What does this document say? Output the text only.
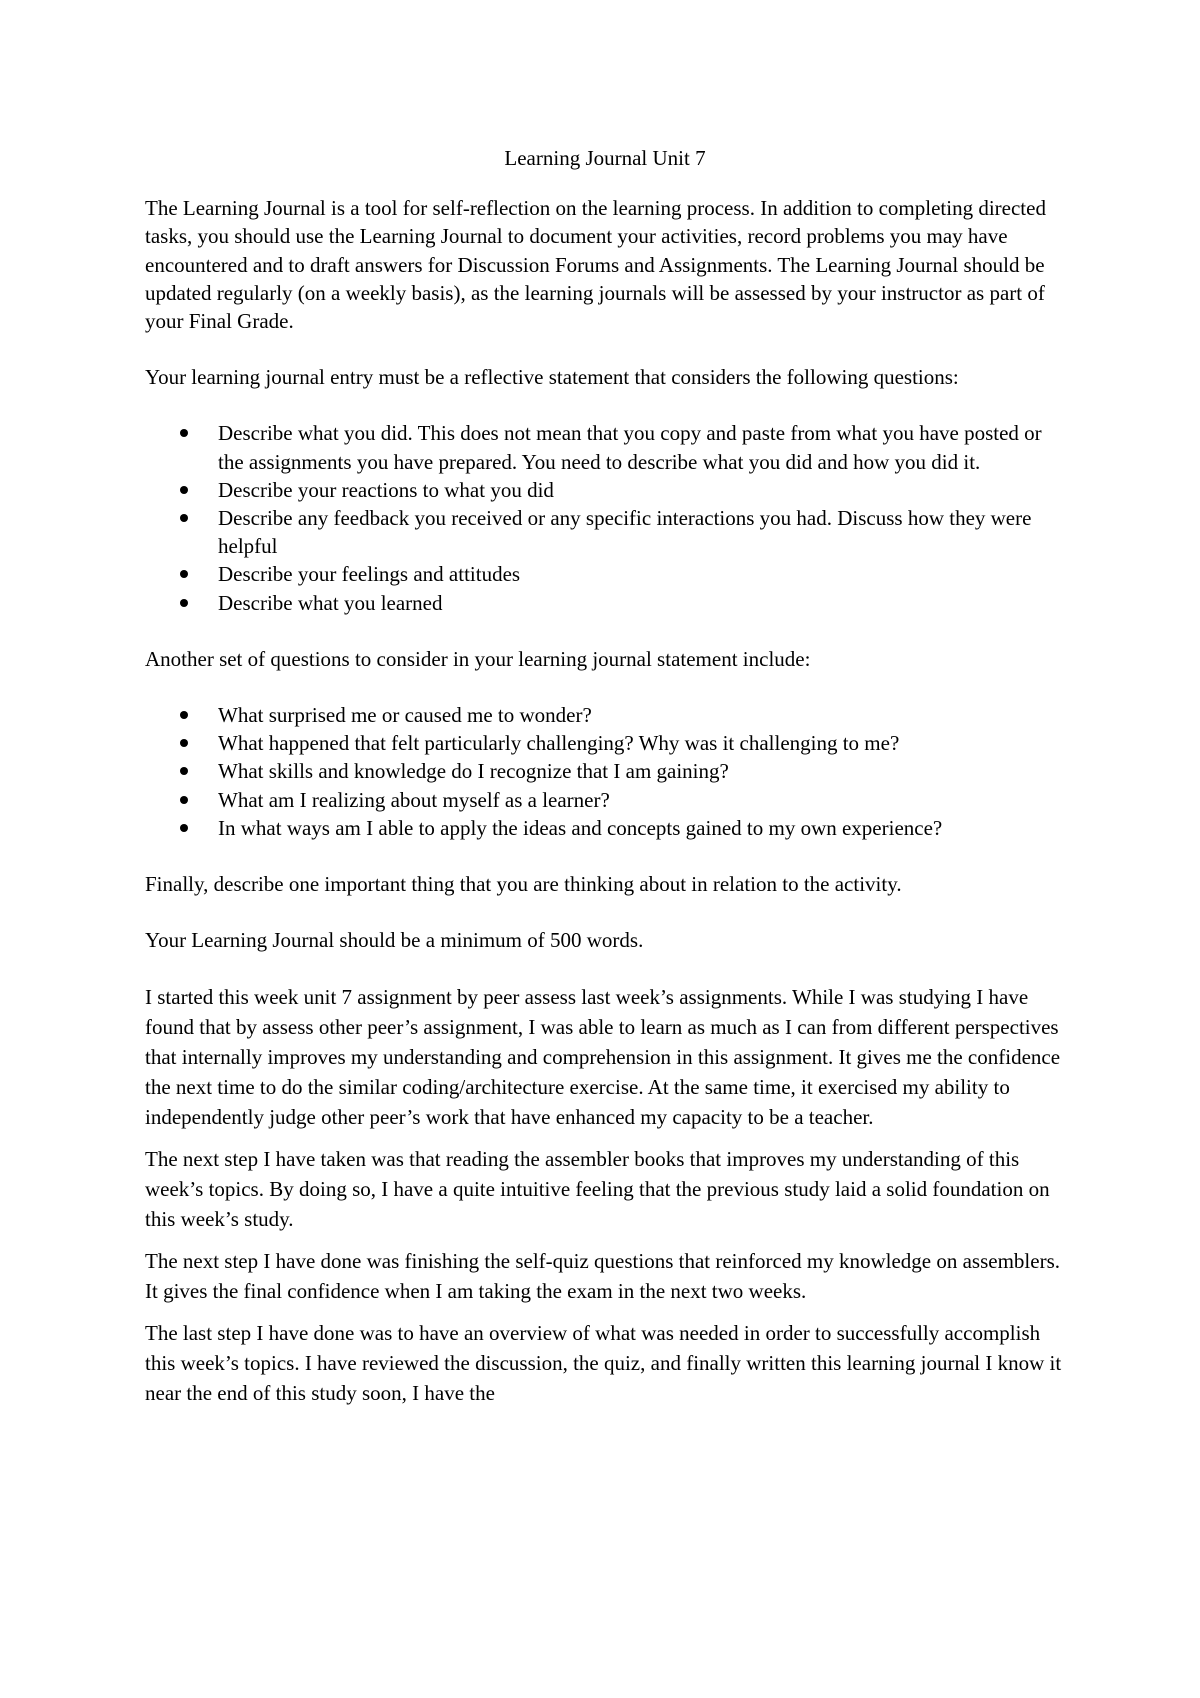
Learning Journal Unit 7

The Learning Journal is a tool for self-reflection on the learning process. In addition to completing directed tasks, you should use the Learning Journal to document your activities, record problems you may have encountered and to draft answers for Discussion Forums and Assignments. The Learning Journal should be updated regularly (on a weekly basis), as the learning journals will be assessed by your instructor as part of your Final Grade.

Your learning journal entry must be a reflective statement that considers the following questions:

Describe what you did. This does not mean that you copy and paste from what you have posted or the assignments you have prepared. You need to describe what you did and how you did it.
Describe your reactions to what you did
Describe any feedback you received or any specific interactions you had. Discuss how they were helpful
Describe your feelings and attitudes
Describe what you learned

Another set of questions to consider in your learning journal statement include:

What surprised me or caused me to wonder?
What happened that felt particularly challenging? Why was it challenging to me?
What skills and knowledge do I recognize that I am gaining?
What am I realizing about myself as a learner?
In what ways am I able to apply the ideas and concepts gained to my own experience?

Finally, describe one important thing that you are thinking about in relation to the activity.

Your Learning Journal should be a minimum of 500 words.

I started this week unit 7 assignment by peer assess last week’s assignments. While I was studying I have found that by assess other peer’s assignment, I was able to learn as much as I can from different perspectives that internally improves my understanding and comprehension in this assignment. It gives me the confidence the next time to do the similar coding/architecture exercise. At the same time, it exercised my ability to independently judge other peer’s work that have enhanced my capacity to be a teacher.

The next step I have taken was that reading the assembler books that improves my understanding of this week’s topics. By doing so, I have a quite intuitive feeling that the previous study laid a solid foundation on this week’s study.

The next step I have done was finishing the self-quiz questions that reinforced my knowledge on assemblers. It gives the final confidence when I am taking the exam in the next two weeks.

The last step I have done was to have an overview of what was needed in order to successfully accomplish this week’s topics. I have reviewed the discussion, the quiz, and finally written this learning journal I know it near the end of this study soon, I have the
